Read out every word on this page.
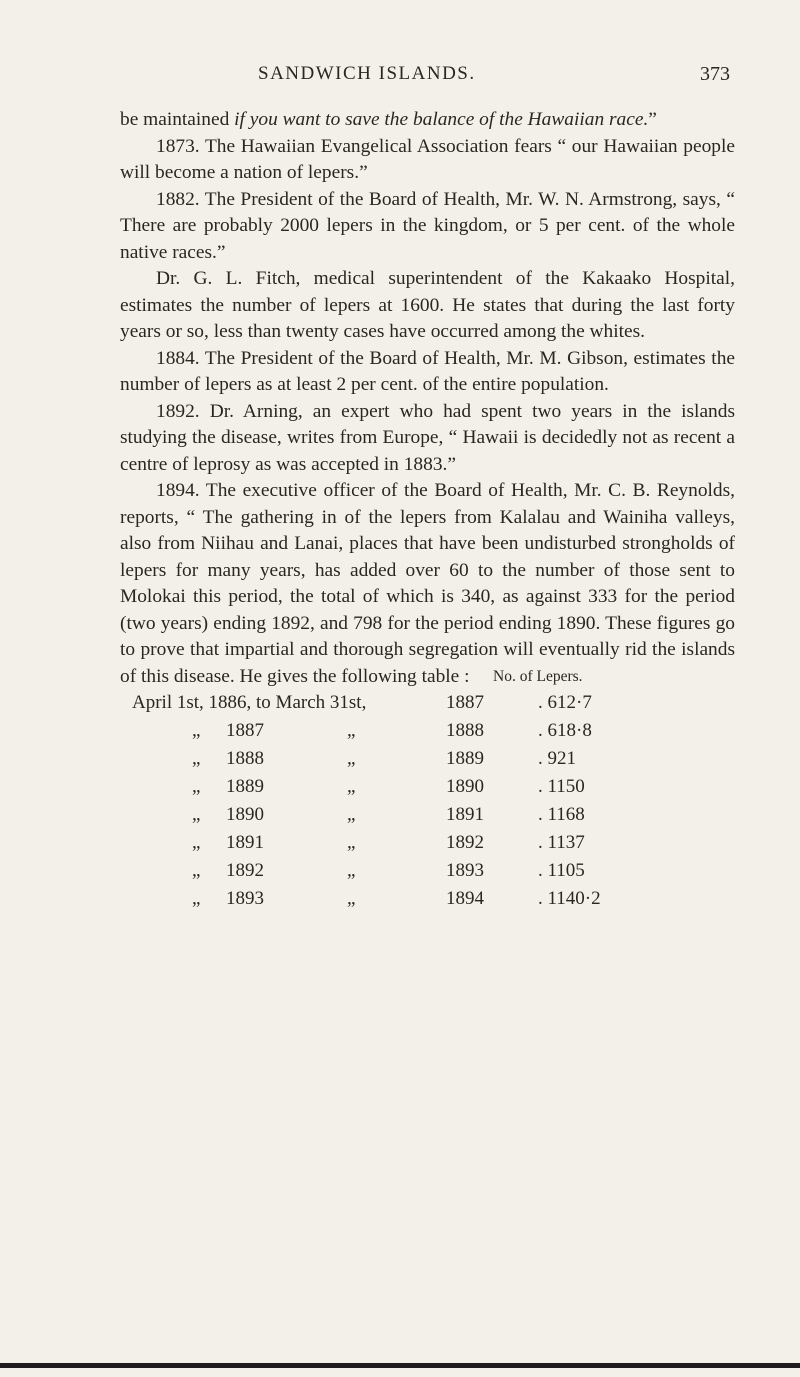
SANDWICH ISLANDS.	373

be maintained if you want to save the balance of the Hawaiian race.”

1873. The Hawaiian Evangelical Association fears “ our Hawaiian people will become a nation of lepers.”

1882. The President of the Board of Health, Mr. W. N. Armstrong, says, “ There are probably 2000 lepers in the kingdom, or 5 per cent. of the whole native races.”

Dr. G. L. Fitch, medical superintendent of the Kakaako Hospital, estimates the number of lepers at 1600. He states that during the last forty years or so, less than twenty cases have occurred among the whites.

1884. The President of the Board of Health, Mr. M. Gibson, estimates the number of lepers as at least 2 per cent. of the entire population.

1892. Dr. Arning, an expert who had spent two years in the islands studying the disease, writes from Europe, “ Hawaii is decidedly not as recent a centre of leprosy as was accepted in 1883.”

1894. The executive officer of the Board of Health, Mr. C. B. Reynolds, reports, “ The gathering in of the lepers from Kalalau and Wainiha valleys, also from Niihau and Lanai, places that have been undisturbed strongholds of lepers for many years, has added over 60 to the number of those sent to Molokai this period, the total of which is 340, as against 333 for the period (two years) ending 1892, and 798 for the period ending 1890. These figures go to prove that impartial and thorough segregation will eventually rid the islands of this disease. He gives the following table :	No. of Lepers.
April 1st, 1886, to March 31st,	1887	. 612·7
„ 1887	„	1888	. 618·8
„ 1888	„	1889	. 921
„ 1889	„	1890	. 1150
„ 1890	„	1891	. 1168
„ 1891	„	1892	. 1137
„ 1892	„	1893	. 1105
„ 1893	„	1894	. 1140·2
